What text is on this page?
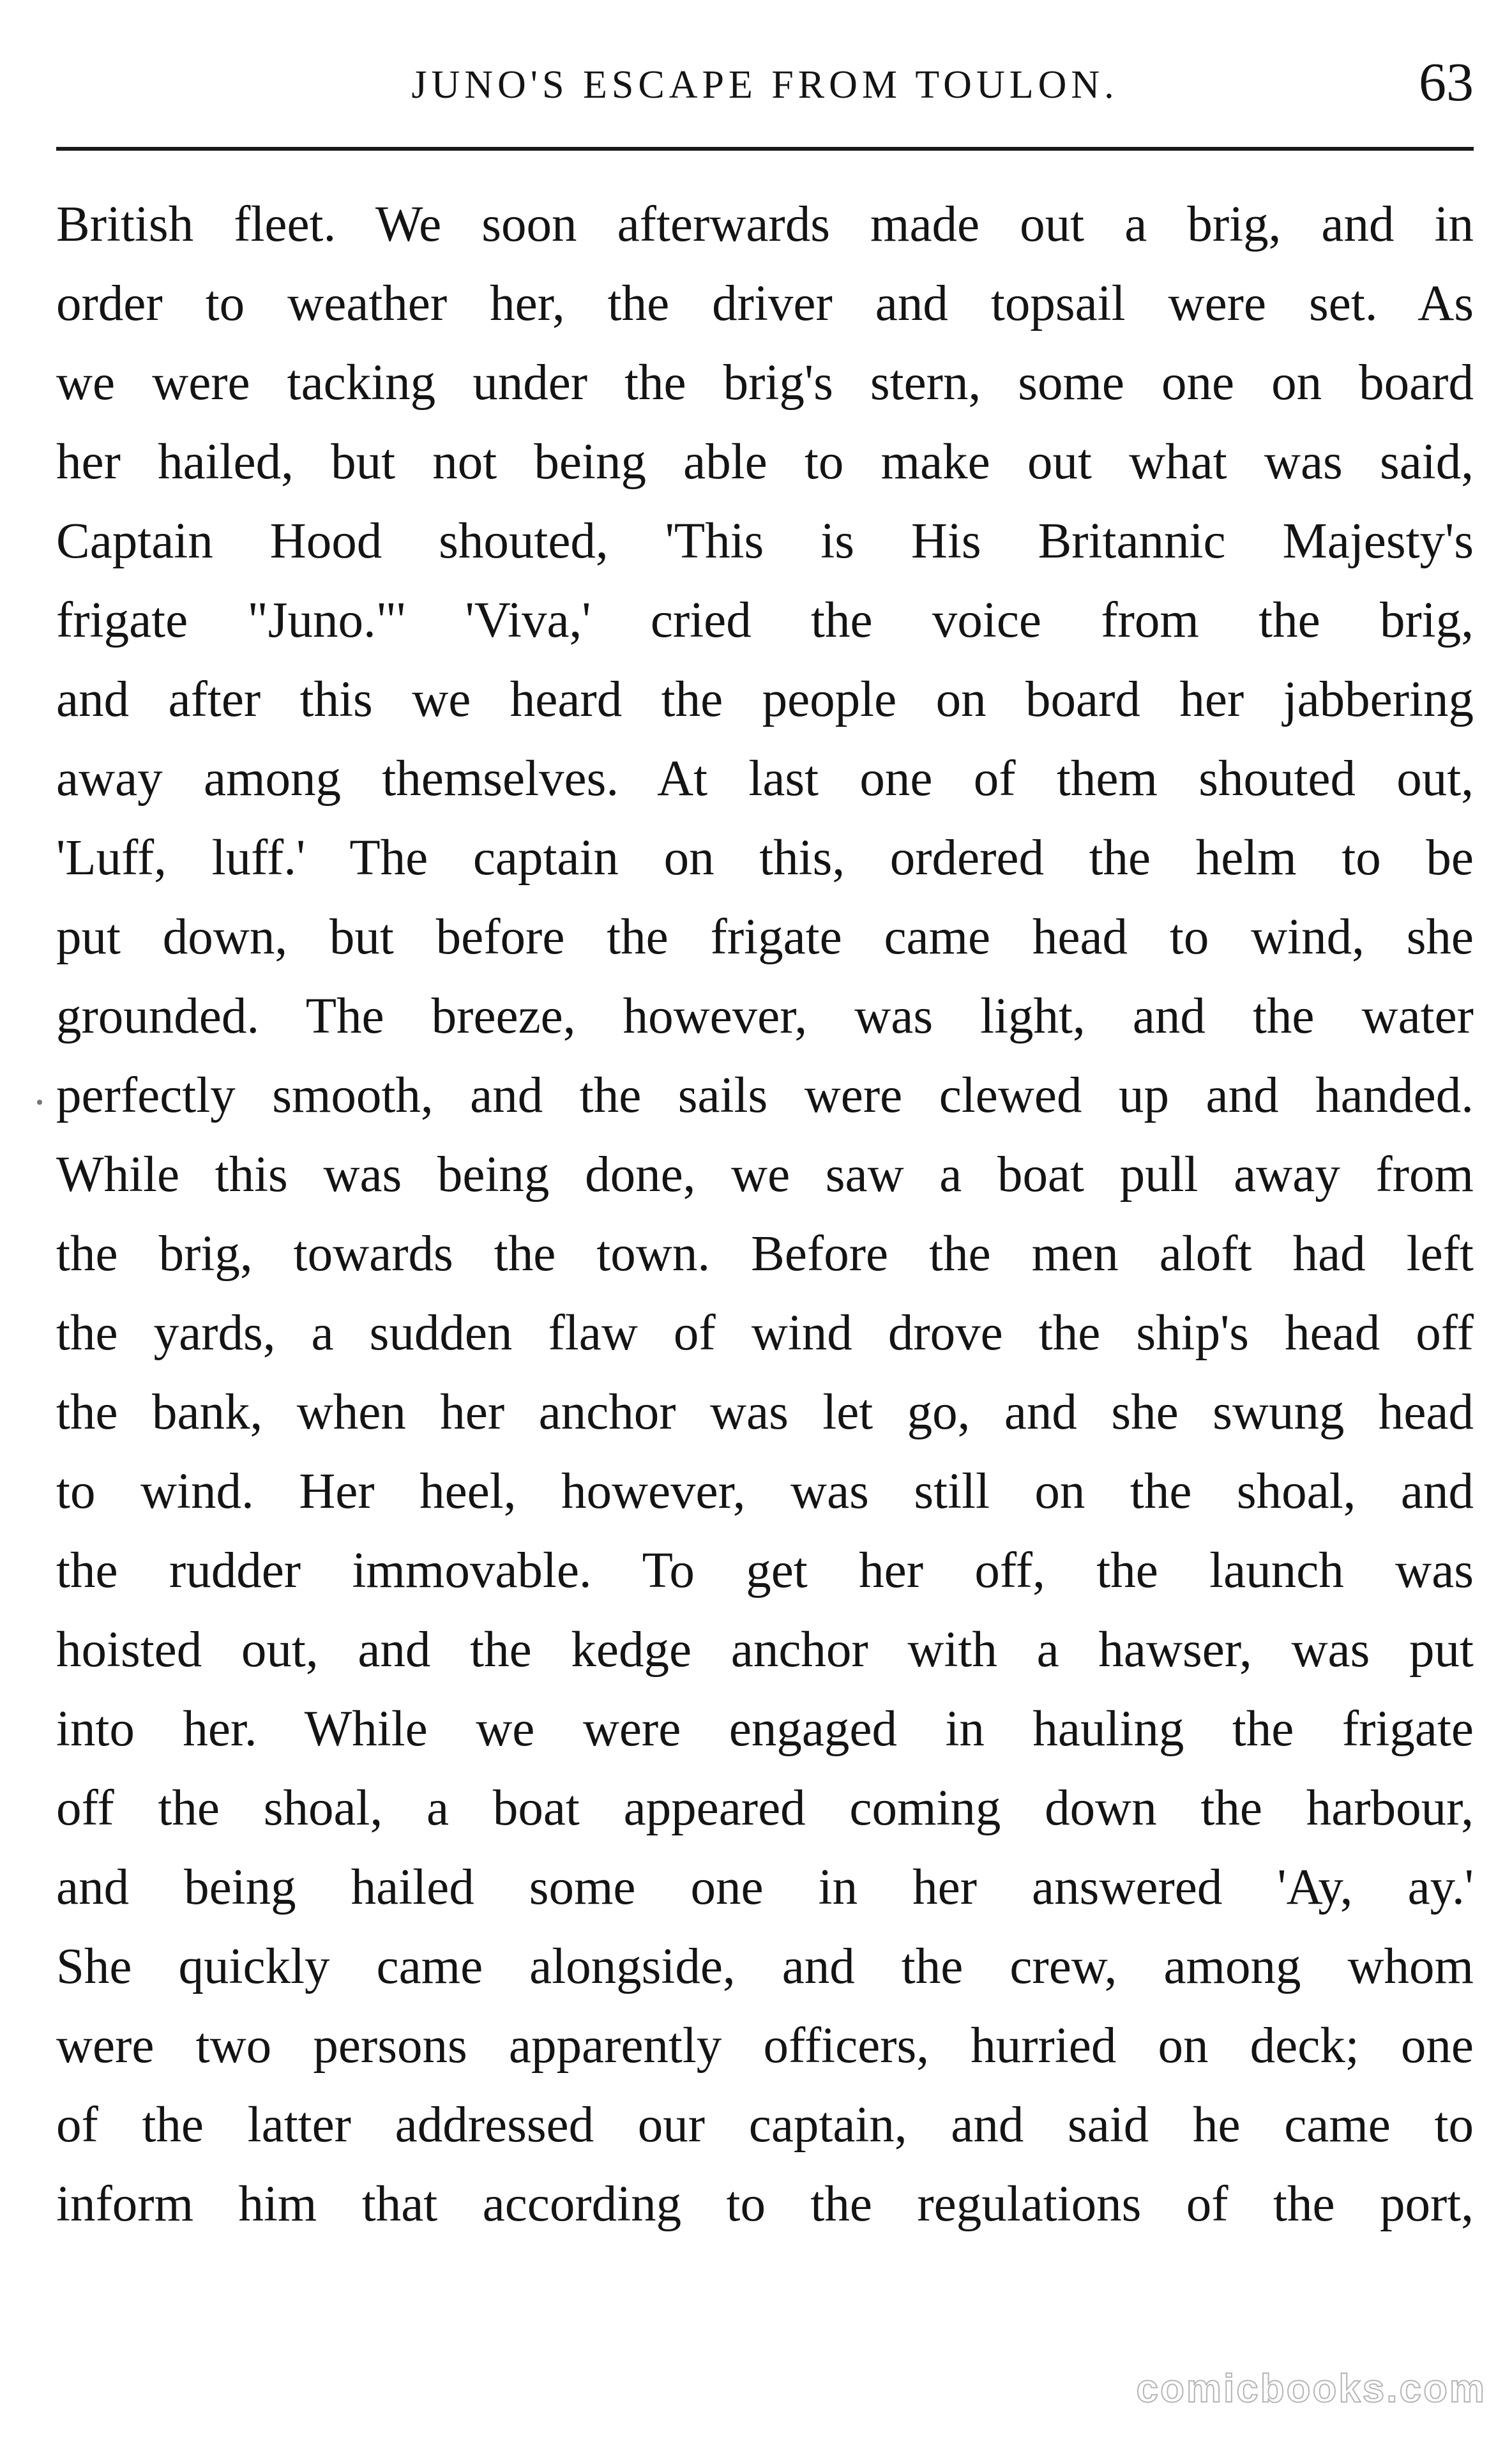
JUNO'S ESCAPE FROM TOULON.	63
British fleet. We soon afterwards made out a brig, and in
order to weather her, the driver and topsail were set. As
we were tacking under the brig's stern, some one on board
her hailed, but not being able to make out what was said,
Captain Hood shouted, 'This is His Britannic Majesty's
frigate "Juno."' 'Viva,' cried the voice from the brig,
and after this we heard the people on board her jabbering
away among themselves. At last one of them shouted out,
'Luff, luff.' The captain on this, ordered the helm to be
put down, but before the frigate came head to wind, she
grounded. The breeze, however, was light, and the water
perfectly smooth, and the sails were clewed up and handed.
While this was being done, we saw a boat pull away from
the brig, towards the town. Before the men aloft had left
the yards, a sudden flaw of wind drove the ship's head off
the bank, when her anchor was let go, and she swung head
to wind. Her heel, however, was still on the shoal, and
the rudder immovable. To get her off, the launch was
hoisted out, and the kedge anchor with a hawser, was put
into her. While we were engaged in hauling the frigate
off the shoal, a boat appeared coming down the harbour,
and being hailed some one in her answered 'Ay, ay.'
She quickly came alongside, and the crew, among whom
were two persons apparently officers, hurried on deck; one
of the latter addressed our captain, and said he came to
inform him that according to the regulations of the port,
comicbooks.com
